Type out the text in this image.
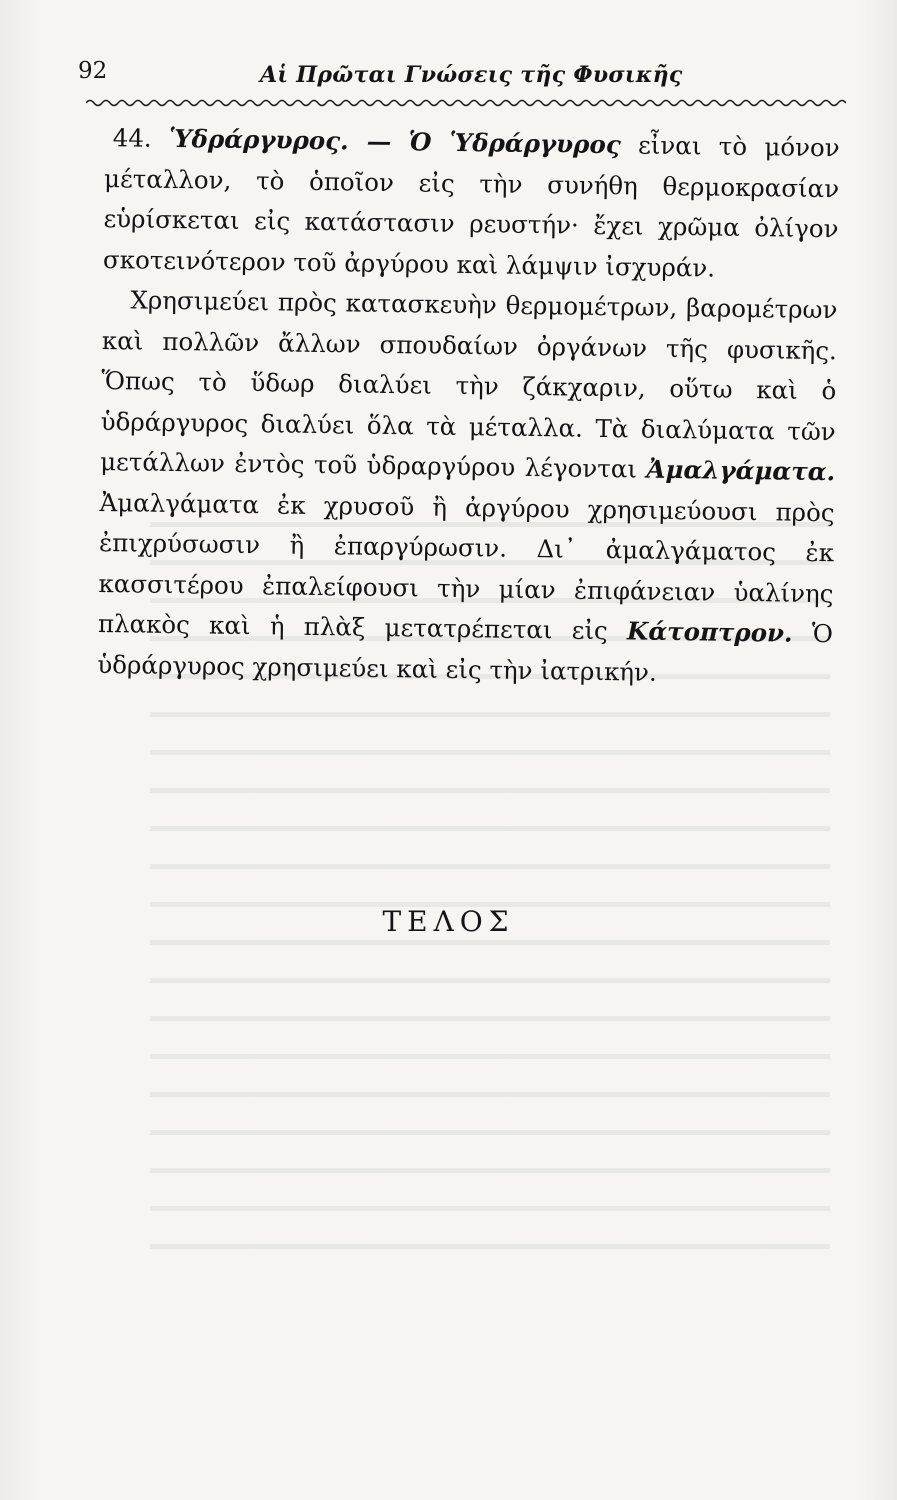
92	Αἱ Πρῶται Γνώσεις τῆς Φυσικῆς

44. Ὑδράργυρος. — Ὁ Ὑδράργυρος εἶναι τὸ μόνον μέταλλον, τὸ ὁποῖον εἰς τὴν συνήθη θερμοκρασίαν εὑρίσκεται εἰς κατάστασιν ρευστήν· ἔχει χρῶμα ὀλίγον σκοτεινότερον τοῦ ἀργύρου καὶ λάμψιν ἰσχυράν.

Χρησιμεύει πρὸς κατασκευὴν θερμομέτρων, βαρομέτρων καὶ πολλῶν ἄλλων σπουδαίων ὀργάνων τῆς φυσικῆς. Ὅπως τὸ ὕδωρ διαλύει τὴν ζάκχαριν, οὕτω καὶ ὁ ὑδράργυρος διαλύει ὅλα τὰ μέταλλα. Τὰ διαλύματα τῶν μετάλλων ἐντὸς τοῦ ὑδραργύρου λέγονται Ἀμαλγάματα. Ἀμαλγάματα ἐκ χρυσοῦ ἢ ἀργύρου χρησιμεύουσι πρὸς ἐπιχρύσωσιν ἢ ἐπαργύρωσιν. Δι᾽ ἀμαλγάματος ἐκ κασσιτέρου ἐπαλείφουσι τὴν μίαν ἐπιφάνειαν ὑαλίνης πλακὸς καὶ ἡ πλὰξ μετατρέπεται εἰς Κάτοπτρον. Ὁ ὑδράργυρος χρησιμεύει καὶ εἰς τὴν ἰατρικήν.

ΤΕΛΟΣ
